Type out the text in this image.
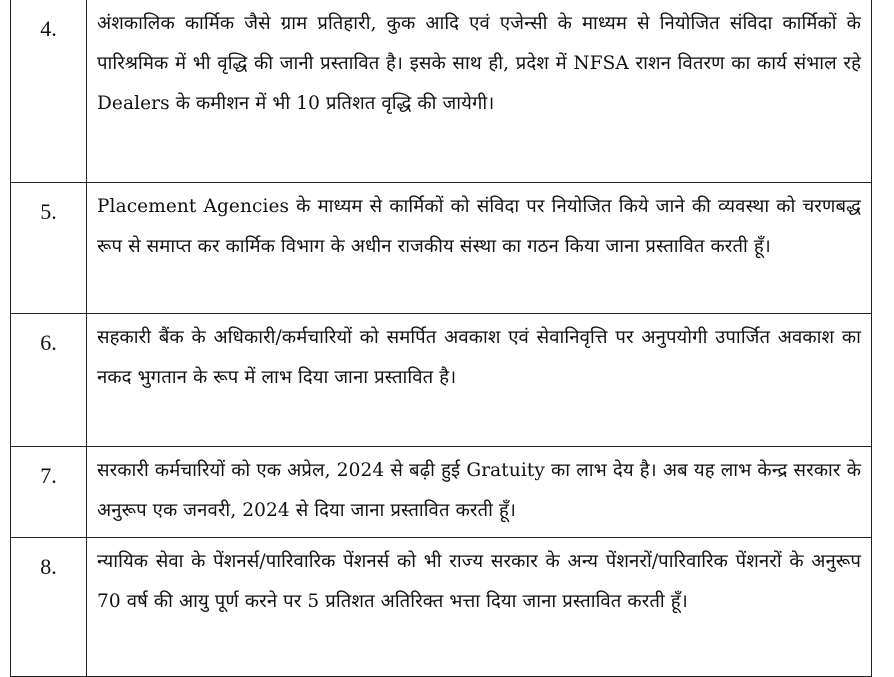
4.	अंशकालिक कार्मिक जैसे ग्राम प्रतिहारी, कुक आदि एवं एजेन्सी के माध्यम से नियोजित संविदा कार्मिकों के पारिश्रमिक में भी वृद्धि की जानी प्रस्तावित है। इसके साथ ही, प्रदेश में NFSA राशन वितरण का कार्य संभाल रहे Dealers के कमीशन में भी 10 प्रतिशत वृद्धि की जायेगी।
5.	Placement Agencies के माध्यम से कार्मिकों को संविदा पर नियोजित किये जाने की व्यवस्था को चरणबद्ध रूप से समाप्त कर कार्मिक विभाग के अधीन राजकीय संस्था का गठन किया जाना प्रस्तावित करती हूँ।
6.	सहकारी बैंक के अधिकारी/कर्मचारियों को समर्पित अवकाश एवं सेवानिवृत्ति पर अनुपयोगी उपार्जित अवकाश का नकद भुगतान के रूप में लाभ दिया जाना प्रस्तावित है।
7.	सरकारी कर्मचारियों को एक अप्रेल, 2024 से बढ़ी हुई Gratuity का लाभ देय है। अब यह लाभ केन्द्र सरकार के अनुरूप एक जनवरी, 2024 से दिया जाना प्रस्तावित करती हूँ।
8.	न्यायिक सेवा के पेंशनर्स/पारिवारिक पेंशनर्स को भी राज्य सरकार के अन्य पेंशनरों/पारिवारिक पेंशनरों के अनुरूप 70 वर्ष की आयु पूर्ण करने पर 5 प्रतिशत अतिरिक्त भत्ता दिया जाना प्रस्तावित करती हूँ।
